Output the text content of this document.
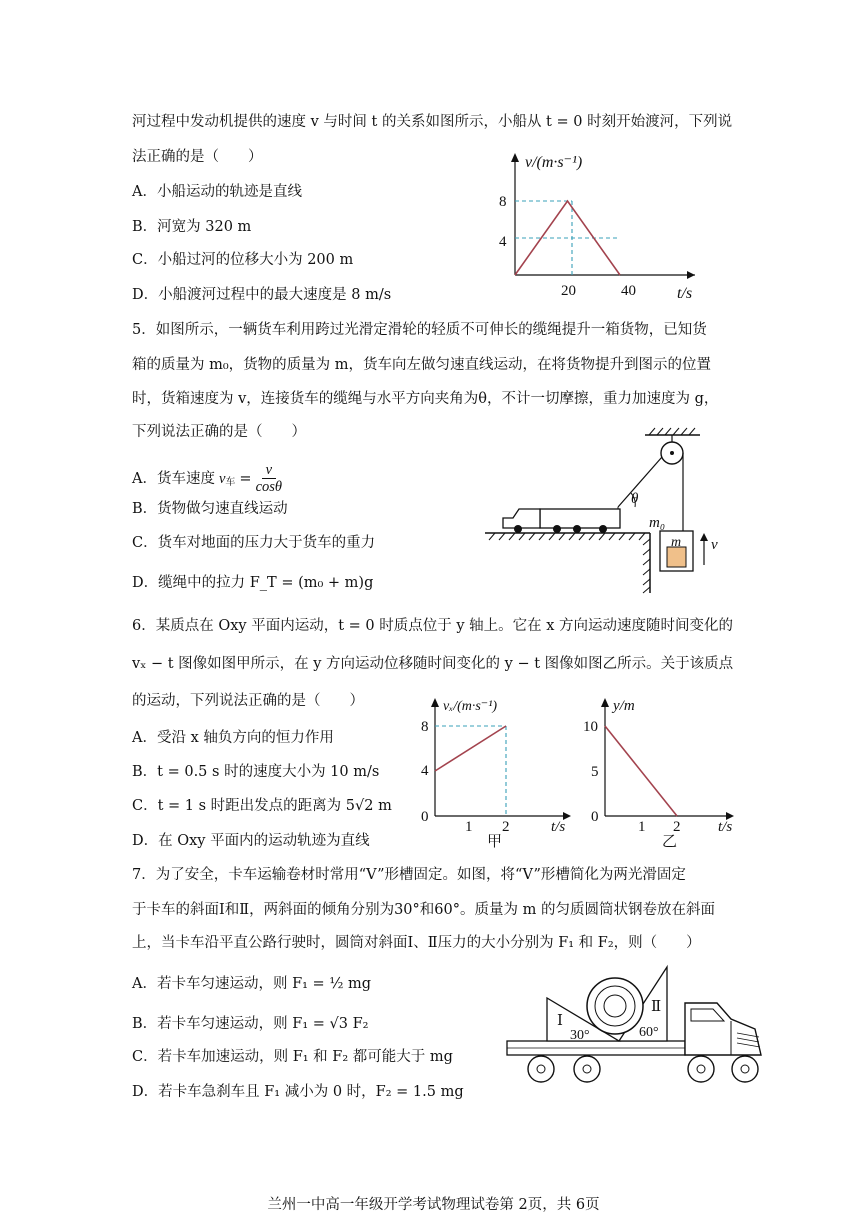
河过程中发动机提供的速度 v 与时间 t 的关系如图所示，小船从 t = 0 时刻开始渡河，下列说
法正确的是（　　）
A．小船运动的轨迹是直线
B．河宽为 320 m
C．小船过河的位移大小为 200 m
D．小船渡河过程中的最大速度是 8 m/s
v/(m·s⁻¹)
t/s
8
4
20	40
5．如图所示，一辆货车利用跨过光滑定滑轮的轻质不可伸长的缆绳提升一箱货物，已知货
箱的质量为 m₀，货物的质量为 m，货车向左做匀速直线运动，在将货物提升到图示的位置
时，货箱速度为 v，连接货车的缆绳与水平方向夹角为θ，不计一切摩擦，重力加速度为 g，
下列说法正确的是（　　）
A．货车速度 $v_车 = \frac{v}{\cos\theta}$
B．货物做匀速直线运动
C．货车对地面的压力大于货车的重力
D．缆绳中的拉力 F_T = (m₀ + m)g
θ
m₀
m v
6．某质点在 Oxy 平面内运动，t = 0 时质点位于 y 轴上。它在 x 方向运动速度随时间变化的
vₓ − t 图像如图甲所示，在 y 方向运动位移随时间变化的 y − t 图像如图乙所示。关于该质点
的运动，下列说法正确的是（　　）
A．受沿 x 轴负方向的恒力作用
B．t = 0.5 s 时的速度大小为 10 m/s
C．t = 1 s 时距出发点的距离为 5√2 m
D．在 Oxy 平面内的运动轨迹为直线
vₓ/(m·s⁻¹)
t/s
8
4
0
1 2
甲
y/m
t/s
10
5
0
1 2
乙
7．为了安全，卡车运输卷材时常用“V”形槽固定。如图，将“V”形槽简化为两光滑固定
于卡车的斜面Ⅰ和Ⅱ，两斜面的倾角分别为30°和60°。质量为 m 的匀质圆筒状钢卷放在斜面
上，当卡车沿平直公路行驶时，圆筒对斜面Ⅰ、Ⅱ压力的大小分别为 F₁ 和 F₂，则（　　）
A．若卡车匀速运动，则 F₁ = ½ mg
B．若卡车匀速运动，则 F₁ = √3 F₂
C．若卡车加速运动，则 F₁ 和 F₂ 都可能大于 mg
D．若卡车急刹车且 F₁ 减小为 0 时，F₂ = 1.5 mg
Ⅰ
Ⅱ
30°	60°
兰州一中高一年级开学考试物理试卷第 2页，共 6页
